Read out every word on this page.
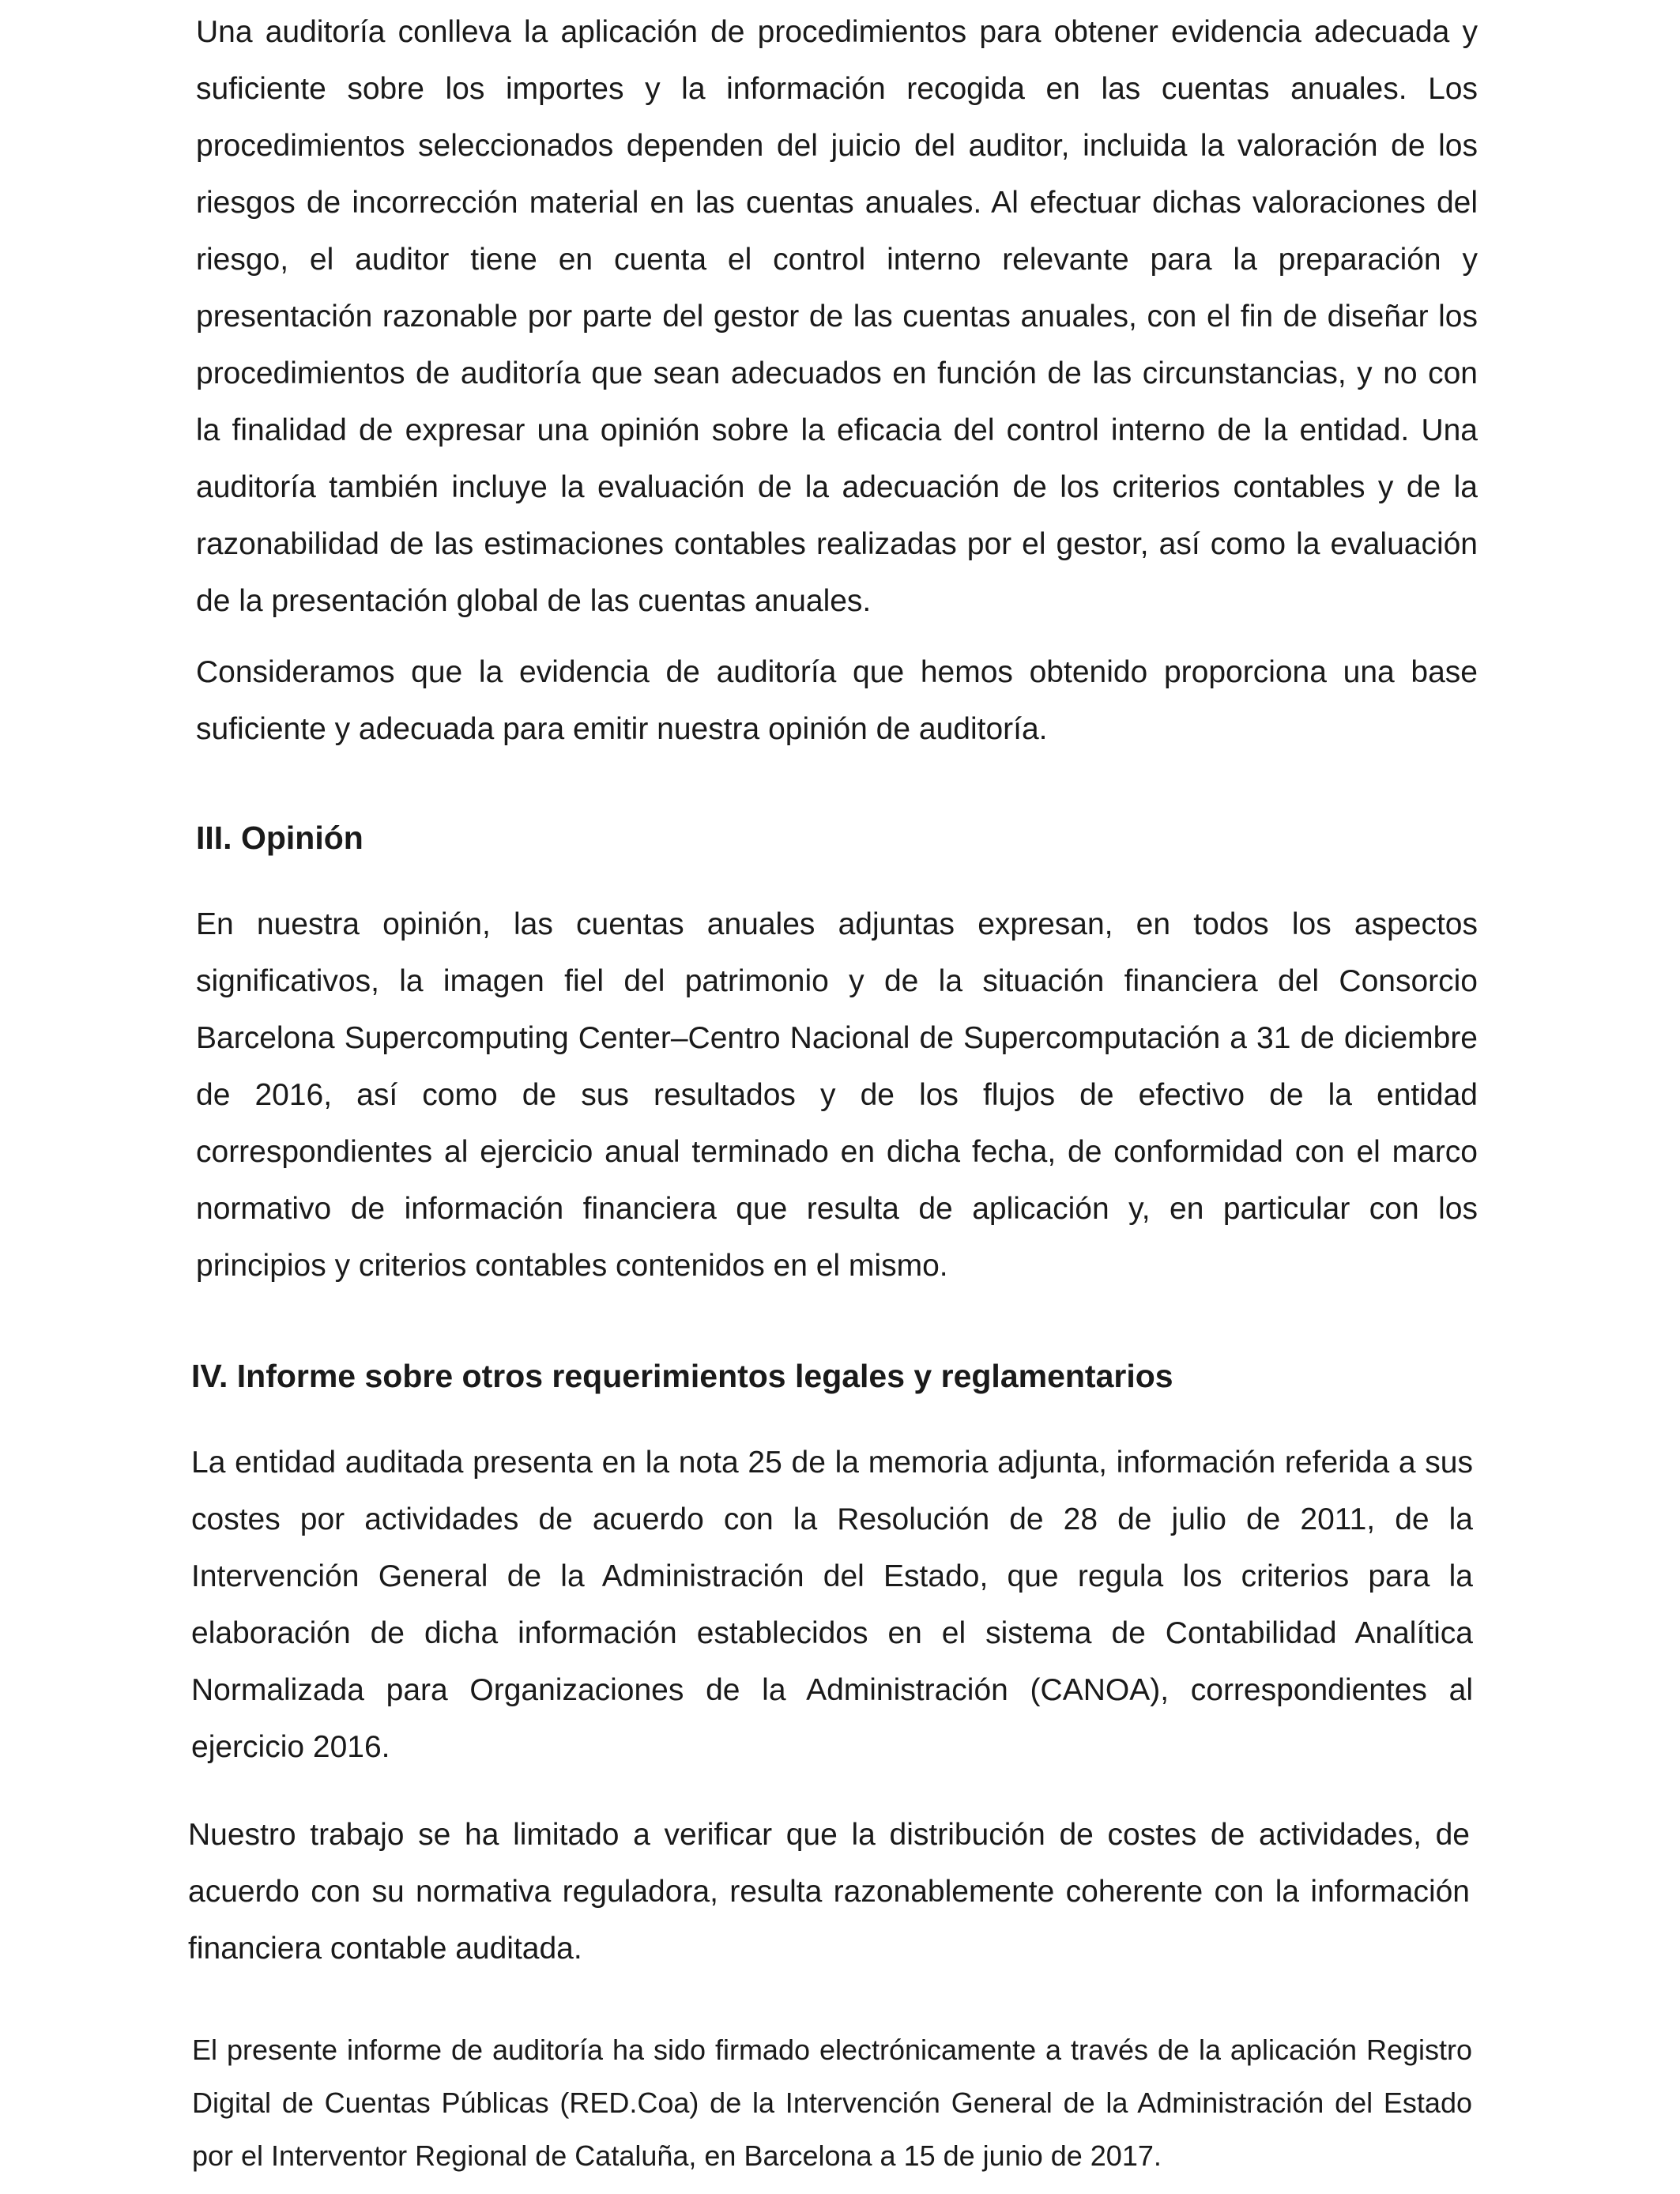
Una auditoría conlleva la aplicación de procedimientos para obtener evidencia adecuada y suficiente sobre los importes y la información recogida en las cuentas anuales. Los procedimientos seleccionados dependen del juicio del auditor, incluida la valoración de los riesgos de incorrección material en las cuentas anuales. Al efectuar dichas valoraciones del riesgo, el auditor tiene en cuenta el control interno relevante para la preparación y presentación razonable por parte del gestor de las cuentas anuales, con el fin de diseñar los procedimientos de auditoría que sean adecuados en función de las circunstancias, y no con la finalidad de expresar una opinión sobre la eficacia del control interno de la entidad. Una auditoría también incluye la evaluación de la adecuación de los criterios contables y de la razonabilidad de las estimaciones contables realizadas por el gestor, así como la evaluación de la presentación global de las cuentas anuales.

Consideramos que la evidencia de auditoría que hemos obtenido proporciona una base suficiente y adecuada para emitir nuestra opinión de auditoría.

III. Opinión

En nuestra opinión, las cuentas anuales adjuntas expresan, en todos los aspectos significativos, la imagen fiel del patrimonio y de la situación financiera del Consorcio Barcelona Supercomputing Center–Centro Nacional de Supercomputación a 31 de diciembre de 2016, así como de sus resultados y de los flujos de efectivo de la entidad correspondientes al ejercicio anual terminado en dicha fecha, de conformidad con el marco normativo de información financiera que resulta de aplicación y, en particular con los principios y criterios contables contenidos en el mismo.

IV. Informe sobre otros requerimientos legales y reglamentarios

La entidad auditada presenta en la nota 25 de la memoria adjunta, información referida a sus costes por actividades de acuerdo con la Resolución de 28 de julio de 2011, de la Intervención General de la Administración del Estado, que regula los criterios para la elaboración de dicha información establecidos en el sistema de Contabilidad Analítica Normalizada para Organizaciones de la Administración (CANOA), correspondientes al ejercicio 2016.

Nuestro trabajo se ha limitado a verificar que la distribución de costes de actividades, de acuerdo con su normativa reguladora, resulta razonablemente coherente con la información financiera contable auditada.

El presente informe de auditoría ha sido firmado electrónicamente a través de la aplicación Registro Digital de Cuentas Públicas (RED.Coa) de la Intervención General de la Administración del Estado por el Interventor Regional de Cataluña, en Barcelona a 15 de junio de 2017.
